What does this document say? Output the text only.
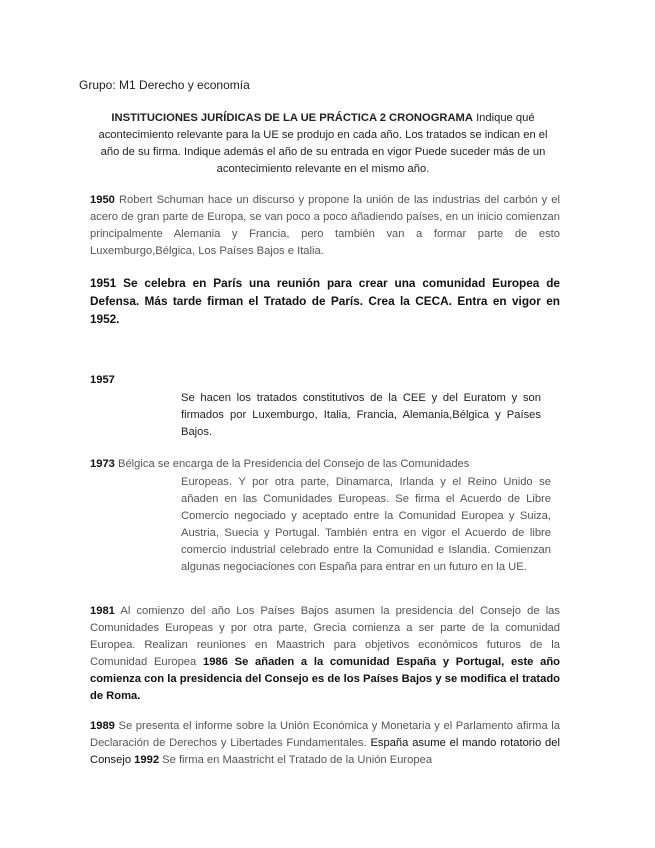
Grupo: M1 Derecho y economía
INSTITUCIONES JURÍDICAS DE LA UE PRÁCTICA 2 CRONOGRAMA Indique qué acontecimiento relevante para la UE se produjo en cada año. Los tratados se indican en el año de su firma. Indique además el año de su entrada en vigor Puede suceder más de un acontecimiento relevante en el mismo año.
1950 Robert Schuman hace un discurso y propone la unión de las industrias del carbón y el acero de gran parte de Europa, se van poco a poco añadiendo países, en un inicio comienzan principalmente Alemania y Francia, pero también van a formar parte de esto Luxemburgo,Bélgica, Los Países Bajos e Italia.
1951 Se celebra en París una reunión para crear una comunidad Europea de Defensa. Más tarde firman el Tratado de París. Crea la CECA. Entra en vigor en 1952.
1957
Se hacen los tratados constitutivos de la CEE y del Euratom y son firmados por Luxemburgo, Italia, Francia, Alemania,Bélgica y Países Bajos.
1973 Bélgica se encarga de la Presidencia del Consejo de las Comunidades
Europeas. Y por otra parte, Dinamarca, Irlanda y el Reino Unido se añaden en las Comunidades Europeas. Se firma el Acuerdo de Libre Comercio negociado y aceptado entre la Comunidad Europea y Suiza, Austria, Suecia y Portugal. También entra en vigor el Acuerdo de libre comercio industrial celebrado entre la Comunidad e Islandia. Comienzan algunas negociaciones con España para entrar en un futuro en la UE.
1981 Al comienzo del año Los Países Bajos asumen la presidencia del Consejo de las Comunidades Europeas y por otra parte, Grecia comienza a ser parte de la comunidad Europea. Realizan reuniones en Maastrich para objetivos económicos futuros de la Comunidad Europea 1986 Se añaden a la comunidad España y Portugal, este año comienza con la presidencia del Consejo es de los Países Bajos y se modifica el tratado de Roma.
1989 Se presenta el informe sobre la Unión Económica y Monetaria y el Parlamento afirma la Declaración de Derechos y Libertades Fundamentales. España asume el mando rotatorio del Consejo 1992 Se firma en Maastricht el Tratado de la Unión Europea
